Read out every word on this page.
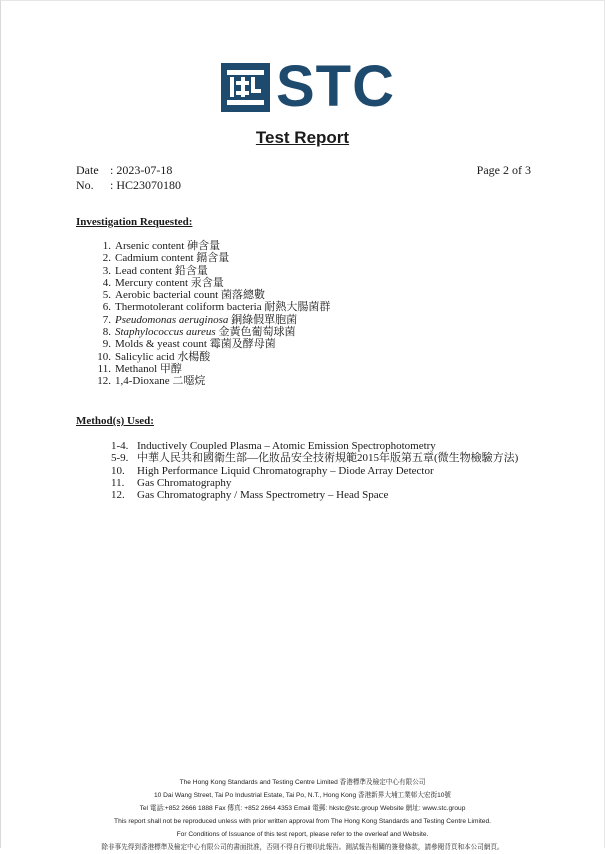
STC
Test Report
Date : 2023-07-18
No. : HC23070180
Page 2 of 3
Investigation Requested:
1. Arsenic content 砷含量
2. Cadmium content 鎘含量
3. Lead content 鉛含量
4. Mercury content 汞含量
5. Aerobic bacterial count 菌落總數
6. Thermotolerant coliform bacteria 耐熱大腸菌群
7. Pseudomonas aeruginosa 銅綠假單胞菌
8. Staphylococcus aureus 金黃色葡萄球菌
9. Molds & yeast count 霉菌及酵母菌
10. Salicylic acid 水楊酸
11. Methanol 甲醇
12. 1,4-Dioxane 二噁烷
Method(s) Used:
1-4. Inductively Coupled Plasma – Atomic Emission Spectrophotometry
5-9. 中華人民共和國衛生部—化妝品安全技術規範2015年版第五章(微生物檢驗方法)
10. High Performance Liquid Chromatography – Diode Array Detector
11. Gas Chromatography
12. Gas Chromatography / Mass Spectrometry – Head Space
The Hong Kong Standards and Testing Centre Limited 香港標準及檢定中心有限公司
10 Dai Wang Street, Tai Po Industrial Estate, Tai Po, N.T., Hong Kong 香港新界大埔工業邨大宏街10號
Tel 電話:+852 2666 1888 Fax 傳真: +852 2664 4353 Email 電郵: hkstc@stc.group Website 網址: www.stc.group
This report shall not be reproduced unless with prior written approval from The Hong Kong Standards and Testing Centre Limited.
For Conditions of Issuance of this test report, please refer to the overleaf and Website.
除非事先得到香港標準及檢定中心有限公司的書面批准，否則不得自行複印此報告。測試報告相關的簽發條款，請參閱背頁和本公司網頁。
